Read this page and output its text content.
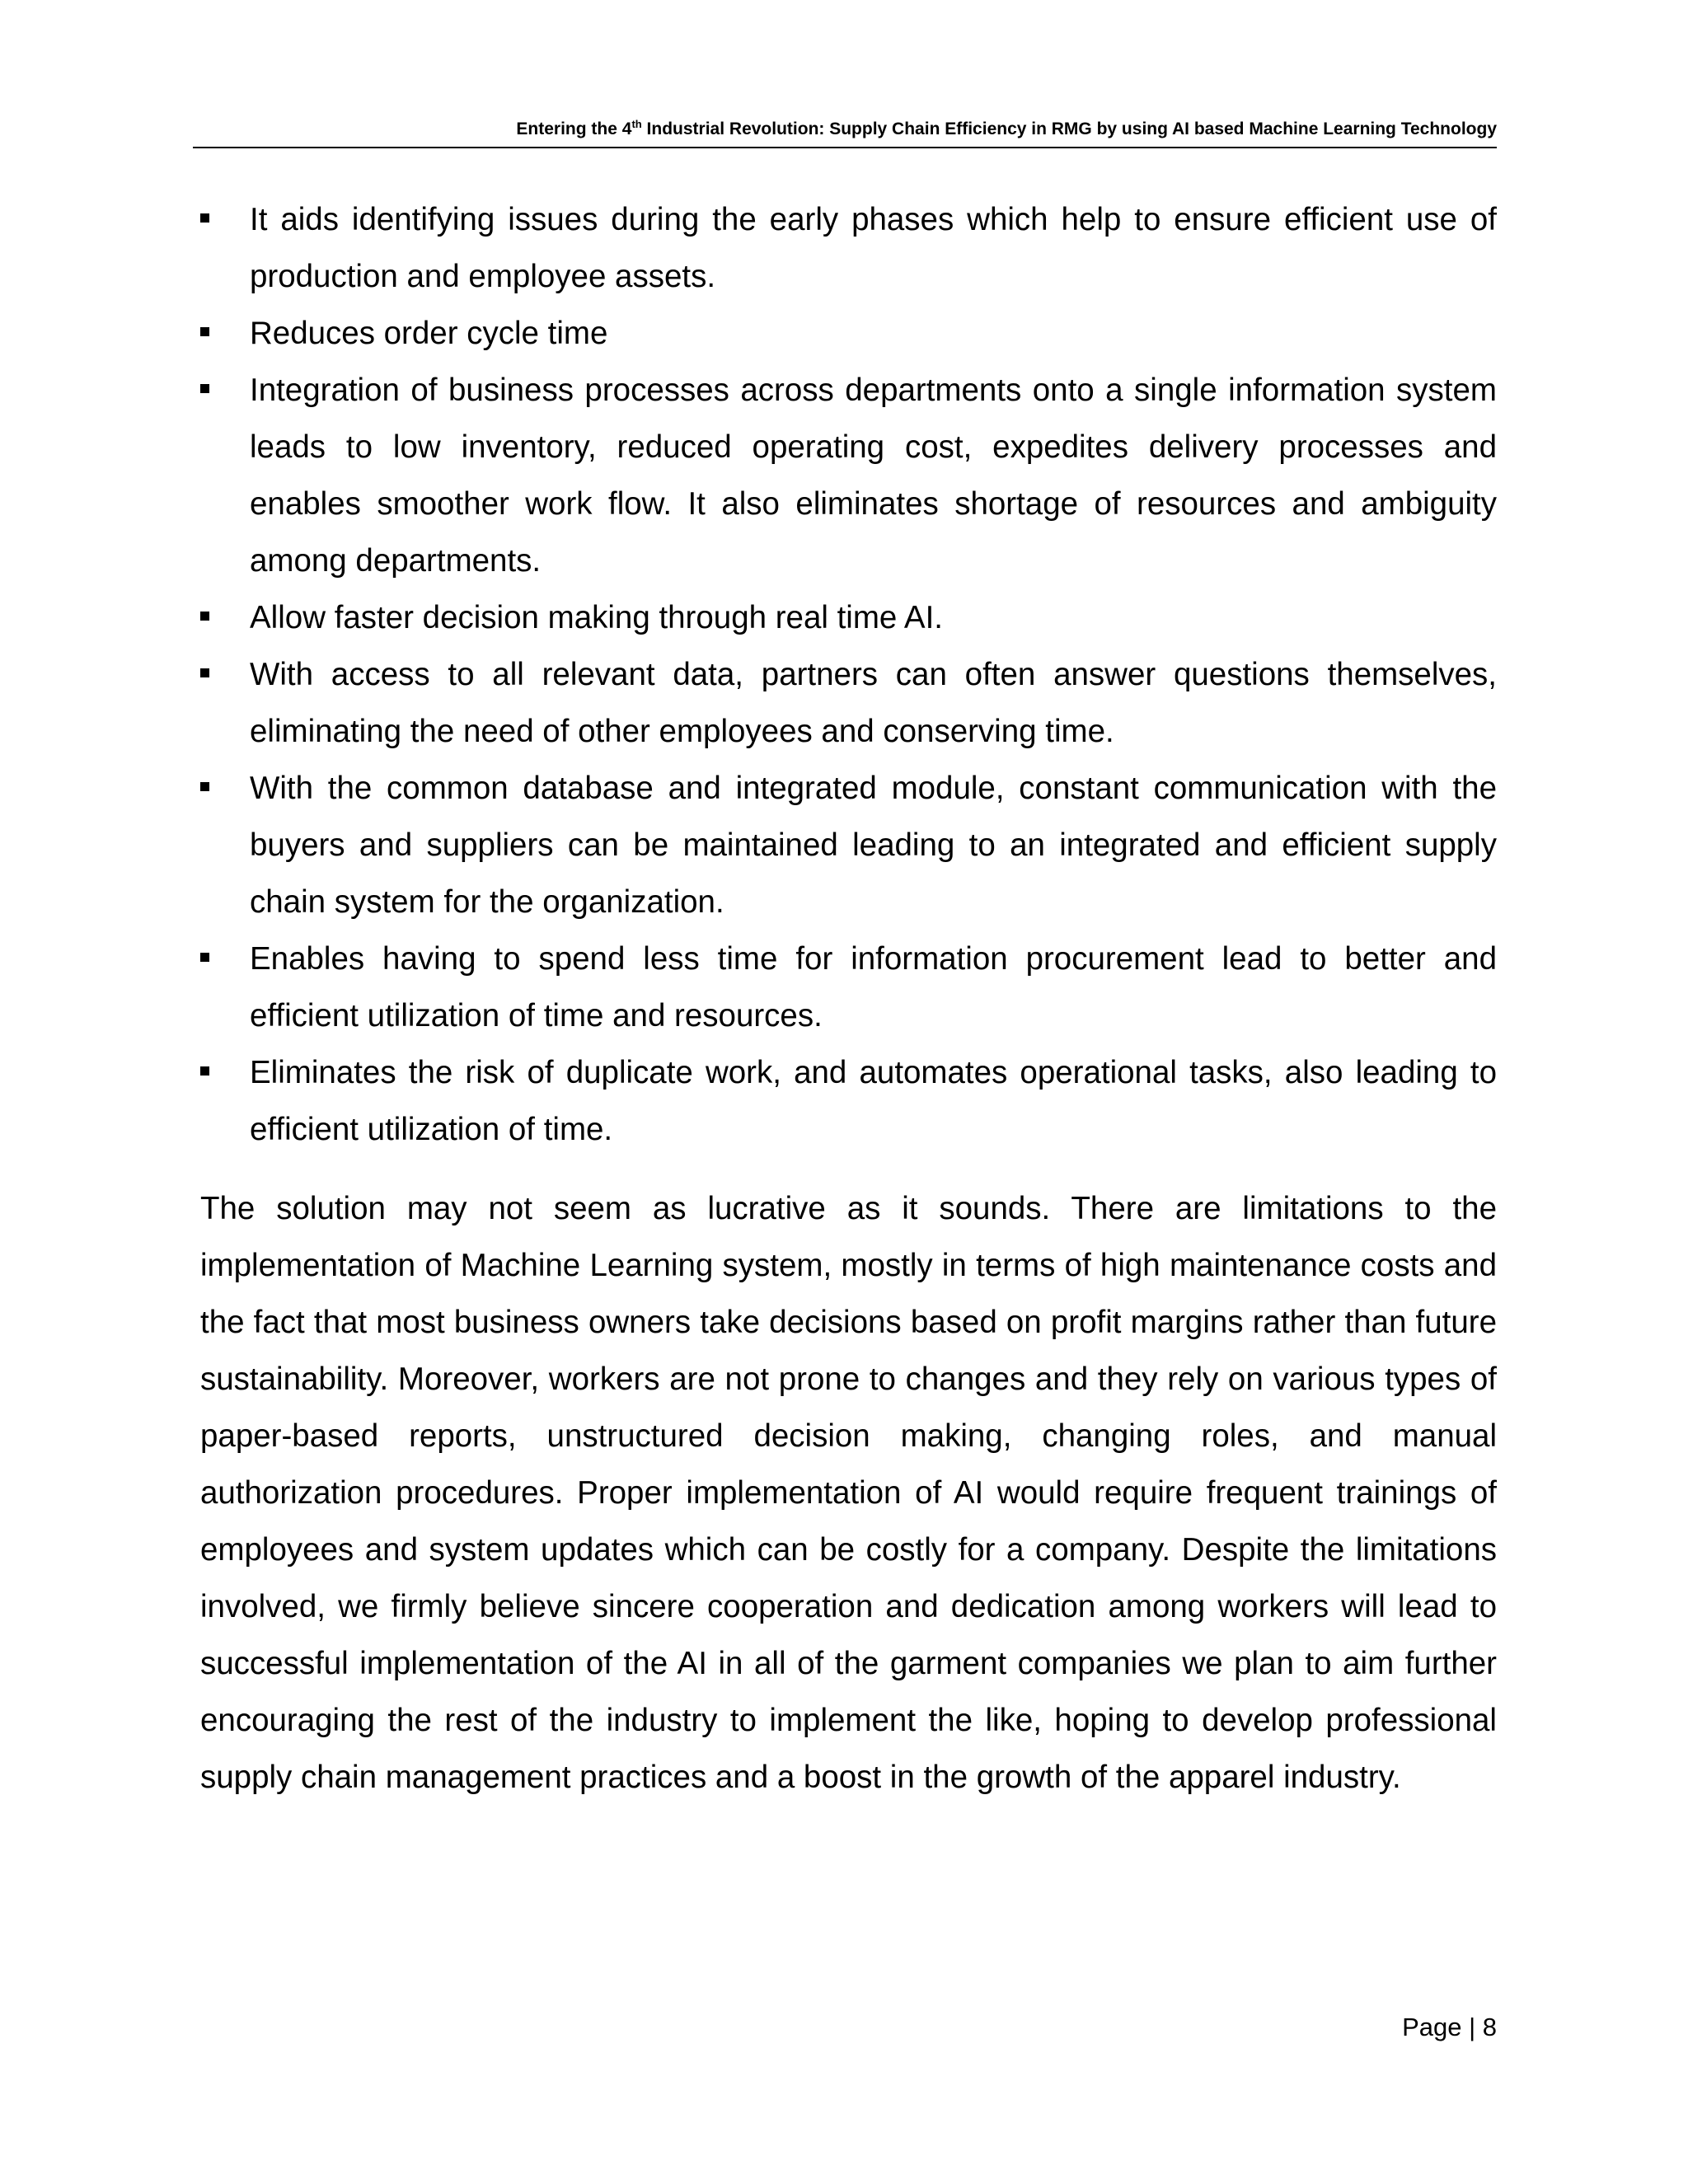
Entering the 4th Industrial Revolution: Supply Chain Efficiency in RMG by using AI based Machine Learning Technology
It aids identifying issues during the early phases which help to ensure efficient use of production and employee assets.
Reduces order cycle time
Integration of business processes across departments onto a single information system leads to low inventory, reduced operating cost, expedites delivery processes and enables smoother work flow. It also eliminates shortage of resources and ambiguity among departments.
Allow faster decision making through real time AI.
With access to all relevant data, partners can often answer questions themselves, eliminating the need of other employees and conserving time.
With the common database and integrated module, constant communication with the buyers and suppliers can be maintained leading to an integrated and efficient supply chain system for the organization.
Enables having to spend less time for information procurement lead to better and efficient utilization of time and resources.
Eliminates the risk of duplicate work, and automates operational tasks, also leading to efficient utilization of time.

The solution may not seem as lucrative as it sounds. There are limitations to the implementation of Machine Learning system, mostly in terms of high maintenance costs and the fact that most business owners take decisions based on profit margins rather than future sustainability. Moreover, workers are not prone to changes and they rely on various types of paper-based reports, unstructured decision making, changing roles, and manual authorization procedures. Proper implementation of AI would require frequent trainings of employees and system updates which can be costly for a company. Despite the limitations involved, we firmly believe sincere cooperation and dedication among workers will lead to successful implementation of the AI in all of the garment companies we plan to aim further encouraging the rest of the industry to implement the like, hoping to develop professional supply chain management practices and a boost in the growth of the apparel industry.

Page | 8
